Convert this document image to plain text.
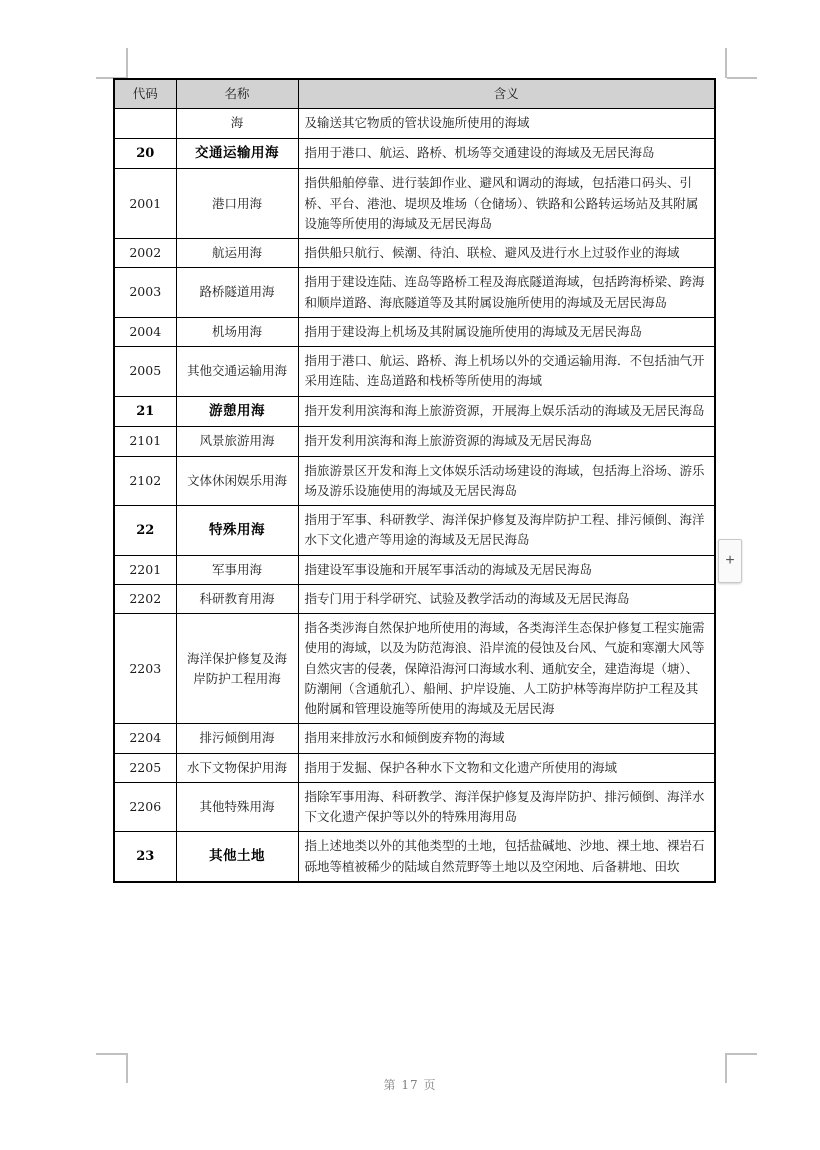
代码	名称	含义
	海	及输送其它物质的管状设施所使用的海域
20	交通运输用海	指用于港口、航运、路桥、机场等交通建设的海域及无居民海岛
2001	港口用海	指供船舶停靠、进行装卸作业、避风和调动的海域，包括港口码头、引桥、平台、港池、堤坝及堆场（仓储场）、铁路和公路转运场站及其附属设施等所使用的海域及无居民海岛
2002	航运用海	指供船只航行、候潮、待泊、联检、避风及进行水上过驳作业的海域
2003	路桥隧道用海	指用于建设连陆、连岛等路桥工程及海底隧道海域，包括跨海桥梁、跨海和顺岸道路、海底隧道等及其附属设施所使用的海域及无居民海岛
2004	机场用海	指用于建设海上机场及其附属设施所使用的海域及无居民海岛
2005	其他交通运输用海	指用于港口、航运、路桥、海上机场以外的交通运输用海．不包括油气开采用连陆、连岛道路和栈桥等所使用的海域
21	游憩用海	指开发利用滨海和海上旅游资源，开展海上娱乐活动的海域及无居民海岛
2101	风景旅游用海	指开发利用滨海和海上旅游资源的海域及无居民海岛
2102	文体休闲娱乐用海	指旅游景区开发和海上文体娱乐活动场建设的海域，包括海上浴场、游乐场及游乐设施使用的海域及无居民海岛
22	特殊用海	指用于军事、科研教学、海洋保护修复及海岸防护工程、排污倾倒、海洋水下文化遗产等用途的海域及无居民海岛
2201	军事用海	指建设军事设施和开展军事活动的海域及无居民海岛
2202	科研教育用海	指专门用于科学研究、试验及教学活动的海域及无居民海岛
2203	海洋保护修复及海岸防护工程用海	指各类涉海自然保护地所使用的海域，各类海洋生态保护修复工程实施需使用的海域，以及为防范海浪、沿岸流的侵蚀及台风、气旋和寒潮大风等自然灾害的侵袭，保障沿海河口海域水利、通航安全，建造海堤（塘）、防潮闸（含通航孔）、船闸、护岸设施、人工防护林等海岸防护工程及其他附属和管理设施等所使用的海域及无居民海
2204	排污倾倒用海	指用来排放污水和倾倒废弃物的海域
2205	水下文物保护用海	指用于发掘、保护各种水下文物和文化遗产所使用的海域
2206	其他特殊用海	指除军事用海、科研教学、海洋保护修复及海岸防护、排污倾倒、海洋水下文化遗产保护等以外的特殊用海用岛
23	其他土地	指上述地类以外的其他类型的土地，包括盐碱地、沙地、裸土地、裸岩石砾地等植被稀少的陆域自然荒野等土地以及空闲地、后备耕地、田坎
+
第 17 页
